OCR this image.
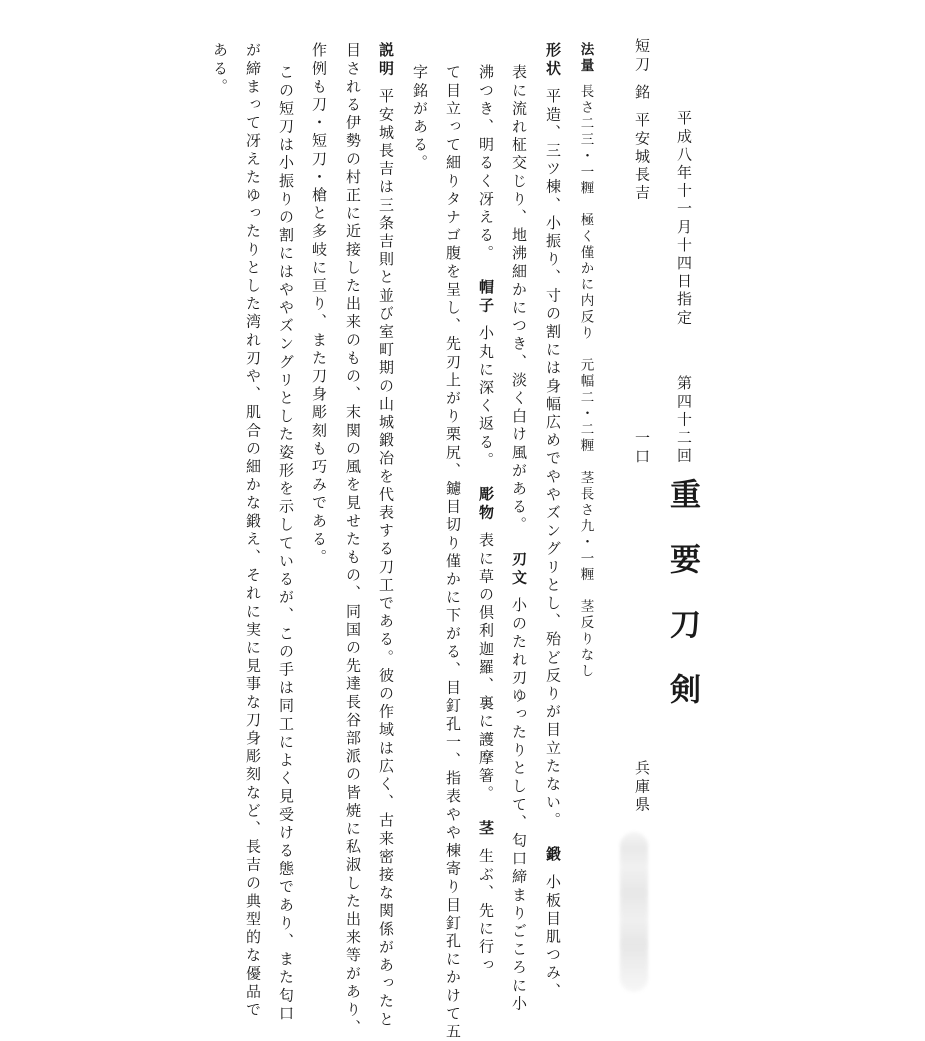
平成八年十一月十四日指定
第四十二回
重要刀剣
短刀銘平安城長吉
一口
兵庫県
法量長さ二三・一糎　極く僅かに内反り　元幅二・二糎　茎長さ九・一糎　茎反りなし
形状平造、三ツ棟、小振り、寸の割には身幅広めでややズングリとし、殆ど反りが目立たない。鍛小板目肌つみ、
表に流れ柾交じり、地沸細かにつき、淡く白け風がある。刃文小のたれ刃ゆったりとして、匂口締まりごころに小
沸つき、明るく冴える。帽子小丸に深く返る。彫物表に草の倶利迦羅、裏に護摩箸。茎生ぶ、先に行っ
て目立って細りタナゴ腹を呈し、先刃上がり栗尻、鑢目切り僅かに下がる、目釘孔一、指表やや棟寄り目釘孔にかけて五
字銘がある。
説明平安城長吉は三条吉則と並び室町期の山城鍛冶を代表する刀工である。彼の作域は広く、古来密接な関係があったと
目される伊勢の村正に近接した出来のもの、末関の風を見せたもの、同国の先達長谷部派の皆焼に私淑した出来等があり、
作例も刀・短刀・槍と多岐に亘り、また刀身彫刻も巧みである。
この短刀は小振りの割にはややズングリとした姿形を示しているが、この手は同工によく見受ける態であり、また匂口
が締まって冴えたゆったりとした湾れ刃や、肌合の細かな鍛え、それに実に見事な刀身彫刻など、長吉の典型的な優品で
ある。
